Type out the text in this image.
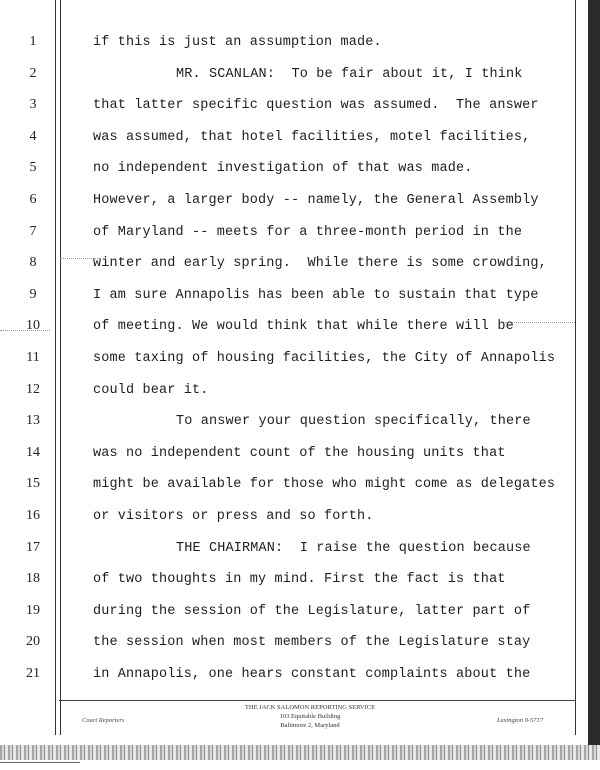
1	if this is just an assumption made.
2	MR. SCANLAN:  To be fair about it, I think
3	that latter specific question was assumed.  The answer
4	was assumed, that hotel facilities, motel facilities,
5	no independent investigation of that was made.
6	However, a larger body -- namely, the General Assembly
7	of Maryland -- meets for a three-month period in the
8	winter and early spring.  While there is some crowding,
9	I am sure Annapolis has been able to sustain that type
10	of meeting. We would think that while there will be
11	some taxing of housing facilities, the City of Annapolis
12	could bear it.
13	To answer your question specifically, there
14	was no independent count of the housing units that
15	might be available for those who might come as delegates
16	or visitors or press and so forth.
17	THE CHAIRMAN:  I raise the question because
18	of two thoughts in my mind. First the fact is that
19	during the session of the Legislature, latter part of
20	the session when most members of the Legislature stay
21	in Annapolis, one hears constant complaints about the
Court Reporters
THE JACK SALOMON REPORTING SERVICE
103 Equitable Building
Baltimore 2, Maryland
Lexington 9-5717
